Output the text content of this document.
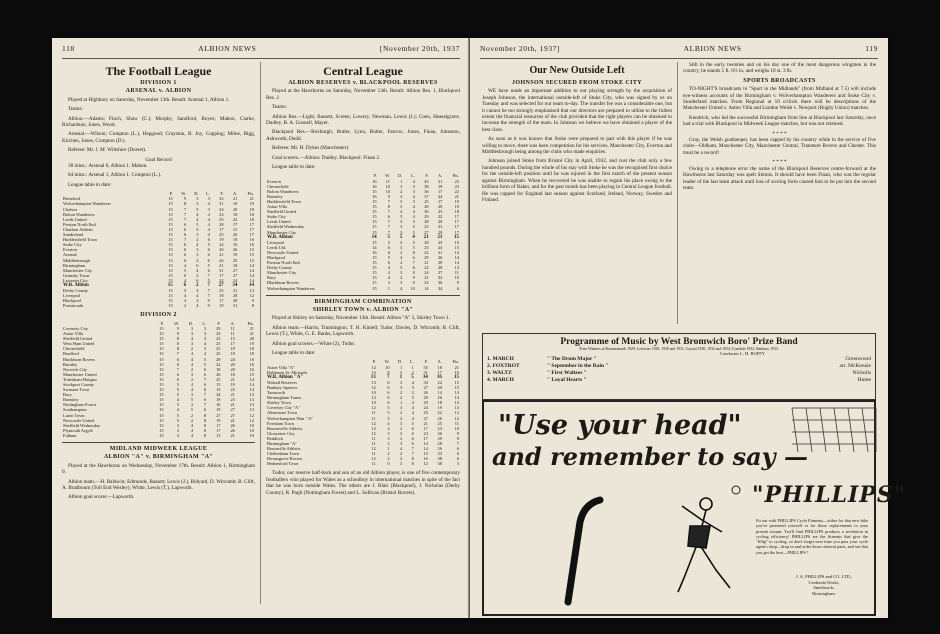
118	ALBION NEWS	[November 20th, 1937
The Football League
DIVISION 1
ARSENAL v. ALBION

Played at Highbury on Saturday, November 13th. Result: Arsenal 1, Albion 1.

Teams:

Albion.—Adams; Finch, Shaw (C.); Murphy, Sandford, Boyes; Mahon, Clarke, Richardson, Jones, Wood.

Arsenal.—Wilson; Compton (L.), Hapgood; Crayston, B. Joy, Copping; Milne, Bigg, Kirchen, Jones, Compton (D.).

Referee: Mr. J. M. Wiltshire (Dorset).

Goal Record

38 mins.: Arsenal 0, Albion 1. Mahon.

84 mins.: Arsenal 1, Albion 1. Compton (L.).

League table to date:

	P.	W.	D.	L.	F.	A.	Pts.
Brentford	15	9	3	3	32	21	21
Wolverhampton Wanderers	15	8	3	4	31	18	19
Chelsea	15	7	5	3	24	20	19
Bolton Wanderers	15	7	4	4	23	18	18
Leeds United	15	7	4	4	25	22	18
Preston North End	15	6	5	4	28	17	17
Charlton Athletic	15	6	5	4	17	15	17
Sunderland	15	6	5	4	25	26	17
Huddersfield Town	15	7	2	6	19	18	16
Stoke City	15	6	4	5	24	16	16
Everton	15	6	3	6	26	26	15
Arsenal	15	6	3	6	21	19	15
Middlesbrough	15	6	3	6	26	25	15
Birmingham	15	4	6	5	21	18	14
Manchester City	15	5	4	6	31	27	14
Grimsby Town	15	6	2	7	17	27	14
Leicester City	15	4	6	5	22	24	14
W.B. Albion	15	6	2	7	27	34	14
Derby County	15	5	3	7	25	31	13
Liverpool	15	4	4	7	18	28	12
Blackpool	15	3	3	9	17	30	9
Portsmouth	15	2	4	9	19	31	8
DIVISION 2
	P.	W.	D.	L.	F.	A.	Pts.
Coventry City	15	9	3	3	29	11	21
Aston Villa	15	9	3	3	23	11	21
Sheffield United	15	8	4	3	25	15	20
West Ham United	15	8	3	4	25	17	19
Chesterfield	15	8	2	5	25	19	18
Bradford	15	7	4	4	25	18	18
Blackburn Rovers	15	6	4	5	28	24	16
Burnley	15	6	4	5	22	20	16
Norwich City	15	7	2	6	18	20	16
Manchester United	15	6	3	6	26	18	15
Tottenham Hotspur	15	6	2	7	25	21	14
Stockport County	15	5	4	6	15	19	14
Swansea Town	15	5	4	6	15	23	14
Bury	15	5	3	7	24	21	13
Barnsley	15	4	5	6	18	23	13
Nottingham Forest	15	5	3	7	16	21	13
Southampton	15	4	5	6	19	27	13
Luton Town	15	5	2	8	27	27	12
Newcastle United	15	5	2	8	19	21	12
Sheffield Wednesday	15	3	4	8	17	26	10
Plymouth Argyle	15	3	4	8	17	26	10
Fulham	15	3	4	8	13	21	10
MIDLAND MIDWEEK LEAGUE
ALBION "A" v. BIRMINGHAM "A"

Played at the Hawthorns on Wednesday, November 17th. Result: Albion 1, Birmingham 0.

Albion team.—H. Baldwin; Edmunds, Bassett; Lewis (J.), Bidyard, D. Witcomb; B. Clift, A. Bradbourn (Toll End Wesley), White, Lewis (T.), Lapworth.

Albion goal scorer.—Lapworth.

Central League
ALBION RESERVES v. BLACKPOOL RESERVES

Played at the Hawthorns on Saturday, November 13th. Result: Albion Res. 1, Blackpool Res. 2

Teams:

Albion Res.—Light; Bassett, Screen; Lowery, Newman, Lewis (J.); Coen, Heaselgrave, Dudley, B. A. Gosnell, Mayer.

Blackpool Res.—Roxburgh; Butler, Lynn, Butler, Farrow; Jones, Finan, Johnston, Ashworth, Dodd.

Referee: Mr. H. Dykes (Manchester).

Goal scorers.—Albion: Dudley. Blackpool: Finan 2.

League table to date:

	P.	W.	D.	L.	F.	A.	Pts.
Everton	16	11	1	4	43	21	23
Chesterfield	16	10	3	3	38	19	23
Bolton Wanderers	15	10	2	3	36	17	22
Barnsley	16	9	3	4	37	24	21
Huddersfield Town	15	7	5	3	25	17	19
Aston Villa	15	8	3	4	28	20	19
Sheffield United	15	7	4	4	30	23	18
Stoke City	15	6	5	4	29	22	17
Leeds United	15	7	3	5	28	20	17
Sheffield Wednesday	15	7	3	5	25	23	17
Manchester City	15	7	3	5	27	29	17
W.B. Albion	14	5	5	4	21	21	15
Liverpool	15	5	5	5	28	25	15
Leeds Utd.	14	6	3	5	23	24	15
Newcastle United	16	6	2	8	22	31	14
Blackpool	15	5	4	6	29	26	14
Preston North End	15	6	2	7	21	28	14
Derby County	15	4	5	6	22	28	13
Manchester City	15	4	3	8	24	27	11
Bury	15	4	2	9	21	32	10
Blackburn Rovers	15	3	3	9	23	36	9
Wolverhampton Wanderers	15	1	4	10	14	34	6
BIRMINGHAM COMBINATION
SHIRLEY TOWN v. ALBION "A"

Played at Shirley on Saturday, November 13th. Result: Albion "A" 3, Shirley Town 1.

Albion team.—Harris; Timmington, T. H. Kimell; Tudor, Davies, D. Witcomb; B. Clift, Lewis (T.), White, G. E. Banks, Lapworth.

Albion goal scorers.—White (2), Tudor.

League table to date:

	P.	W.	D.	L.	F.	A.	Pts.
Aston Villa "A"	12	10	1	1	55	18	21
Boldmere St. Michaels	13	8	3	2	31	17	19
W.B. Albion "A"	13	7	1	5	34	16	15
Walsall Reserves	13	6	3	4	34	22	15
Banbury Spencer	12	6	3	3	27	20	15
Tamworth	10	6	2	2	26	14	14
Birmingham Trams	13	6	2	5	29	26	14
Shirley Town	10	6	1	3	29	18	13
Coventry City "A"	12	5	3	4	24	19	13
Atherstone Town	11	5	2	4	25	22	12
Wolverhampton Wan. "A"	11	5	2	4	27	26	12
Evesham Town	12	4	3	5	21	25	11
Bourneville Athletic	12	4	2	6	17	23	10
Gloucester City	12	3	3	6	23	36	9
Redditch	11	3	2	6	17	29	8
Birmingham "A"	11	2	3	6	14	28	7
Bournville Athletic	12	1	4	7	14	26	6
Cheltenham Town	11	2	2	7	15	33	6
Bromsgrove Rovers	12	2	2	8	16	38	6
Hednesford Town	11	0	3	8	12	38	3

Tudor, our reserve half-back and son of an old Albion player, is one of five contemporary footballers who played for Wales as a schoolboy in international matches in spite of the fact that he was born outside Wales. The others are J. Blair (Blackpool), J. Nicholas (Derby County), R. Pugh (Nottingham Forest) and L. Sullivan (Bristol Rovers).

November 20th, 1937]	ALBION NEWS	119
Our New Outside Left
JOHNSON SECURED FROM STOKE CITY

WE have made an important addition to our playing strength by the acquisition of Joseph Johnson, the international outside-left of Stoke City, who was signed by us on Tuesday and was selected for our team to-day. The transfer fee was a considerable one, but it cannot be too strongly emphasised that our directors are prepared to utilise to the fullest extent the financial resources of the club provided that the right players can be obtained to increase the strength of the team. In Johnson we believe we have obtained a player of the best class.

As soon as it was known that Stoke were prepared to part with this player if he was willing to move, there was keen competition for his services, Manchester City, Everton and Middlesbrough being among the clubs who made enquiries.

Johnson joined Stoke from Bristol City in April, 1932, and cost the club only a few hundred pounds. During the whole of his stay with Stoke he was the recognised first choice for the outside-left position until he was injured in the first match of the present season against Birmingham. When he recovered he was unable to regain his place owing to the brilliant form of Baker, and for the past month has been playing in Central League football. He was capped for England last season against Scotland, Ireland, Norway, Sweden and Finland.

Still in the early twenties and on his day one of the most dangerous wingmen in the country, he stands 5 ft. 6½ in. and weighs 10 st. 3 lb.

SPORTS BROADCASTS

TO-NIGHT'S broadcasts in "Sport in the Midlands" (from Midland at 7.5) will include eye-witness accounts of the Birmingham v. Wolverhampton Wanderers and Stoke City v. Sunderland matches. From Regional at 10 o'clock there will be descriptions of the Manchester United v. Aston Villa and London Welsh v. Newport (Rugby Union) matches.

Kendrick, who led the successful Birmingham front line at Blackpool last Saturday, once had a trial with Blackpool in Midweek League matches, but was not retained.

* * * *

Gray, the Welsh goalkeeper, has been capped by his country while in the service of five clubs—Oldham, Manchester City, Manchester Central, Tranmere Rovers and Chester. This must be a record!

* * * *

Owing to a telephone error the name of the Blackpool Reserves centre-forward at the Hawthorns last Saturday was spelt Simms. It should have been Finan, who was the regular leader of the last team attack until loss of scoring form caused him to be put into the second team.

Programme of Music by West Bromwich Boro' Prize Band
Prize Winners at Bournemouth 1929; Leicester 1929, 1930 and 1931; Crystal 1930, 1932 and 1934; Tynedale 1932; Banbury 1933.
Conductor L. H. BOFFY
1. MARCH	" The Drum Major "	Greenwood
2. FOXTROT	" September in the Rain "	arr. McKenzie
3. WALTZ	" First Waltzes "	Nicholls
4. MARCH	" Loyal Hearts "	Hume
"Use your head"
and remember to say —
"PHILLIPS"
Fit out with PHILLIPS Cycle Fitments—either for that new bike you've promised yourself or for those replacements to your present mount. You'll find PHILLIPS products a revelation in cycling efficiency! PHILLIPS are the fitments that give the "fillip" to cycling, so don't forget next time you pass your cycle agent's shop—drop in and order those renewal parts, and see that you get the best—PHILLIPS !
J. A. PHILLIPS and CO. LTD.,
Credenda Works,
Smethwick,
Birmingham.
